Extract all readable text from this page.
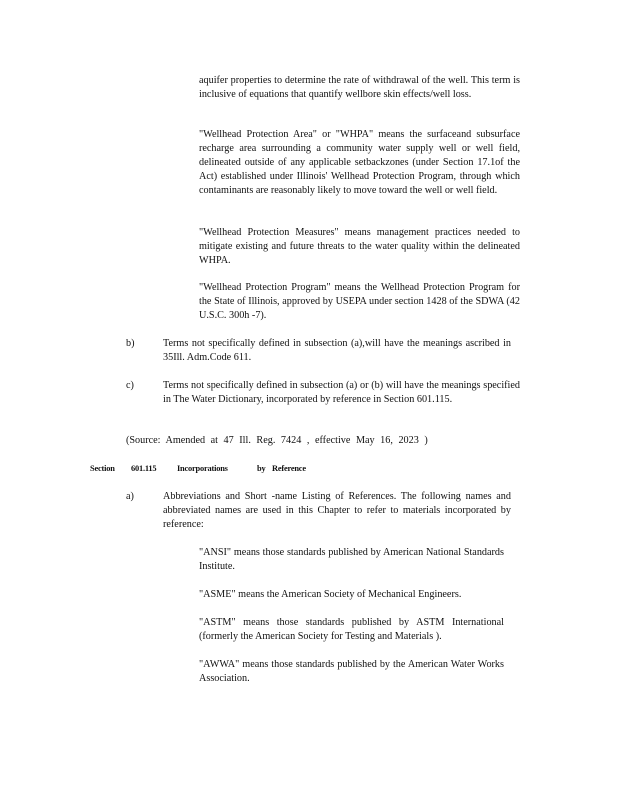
aquifer properties to determine the rate of withdrawal of the well. This term is inclusive of equations that quantify wellbore skin effects/well loss.

"Wellhead Protection Area" or "WHPA" means the surfaceand subsurface recharge area surrounding a community water supply well or well field, delineated outside of any applicable setbackzones (under Section 17.1of the Act) established under Illinois' Wellhead Protection Program, through which contaminants are reasonably likely to move toward the well or well field.

"Wellhead Protection Measures" means management practices needed to mitigate existing and future threats to the water quality within the delineated WHPA.

"Wellhead Protection Program" means the Wellhead Protection Program for the State of Illinois, approved by USEPA under section 1428 of the SDWA (42 U.S.C. 300h -7).

b)	Terms not specifically defined in subsection (a),will have the meanings ascribed in 35Ill. Adm.Code 611.

c)	Terms not specifically defined in subsection (a) or (b) will have the meanings specified in The Water Dictionary, incorporated by reference in Section 601.115.

(Source: Amended at 47 Ill. Reg. 7424 , effective May 16, 2023 )
Section 601.115 Incorporations	by Reference
a)	Abbreviations and Short -name Listing of References. The following names and abbreviated names are used in this Chapter to refer to materials incorporated by reference:

"ANSI" means those standards published by American National Standards Institute.

"ASME" means the American Society of Mechanical Engineers.

"ASTM" means those standards published by ASTM International (formerly the American Society for Testing and Materials ).

"AWWA" means those standards published by the American Water Works Association.
